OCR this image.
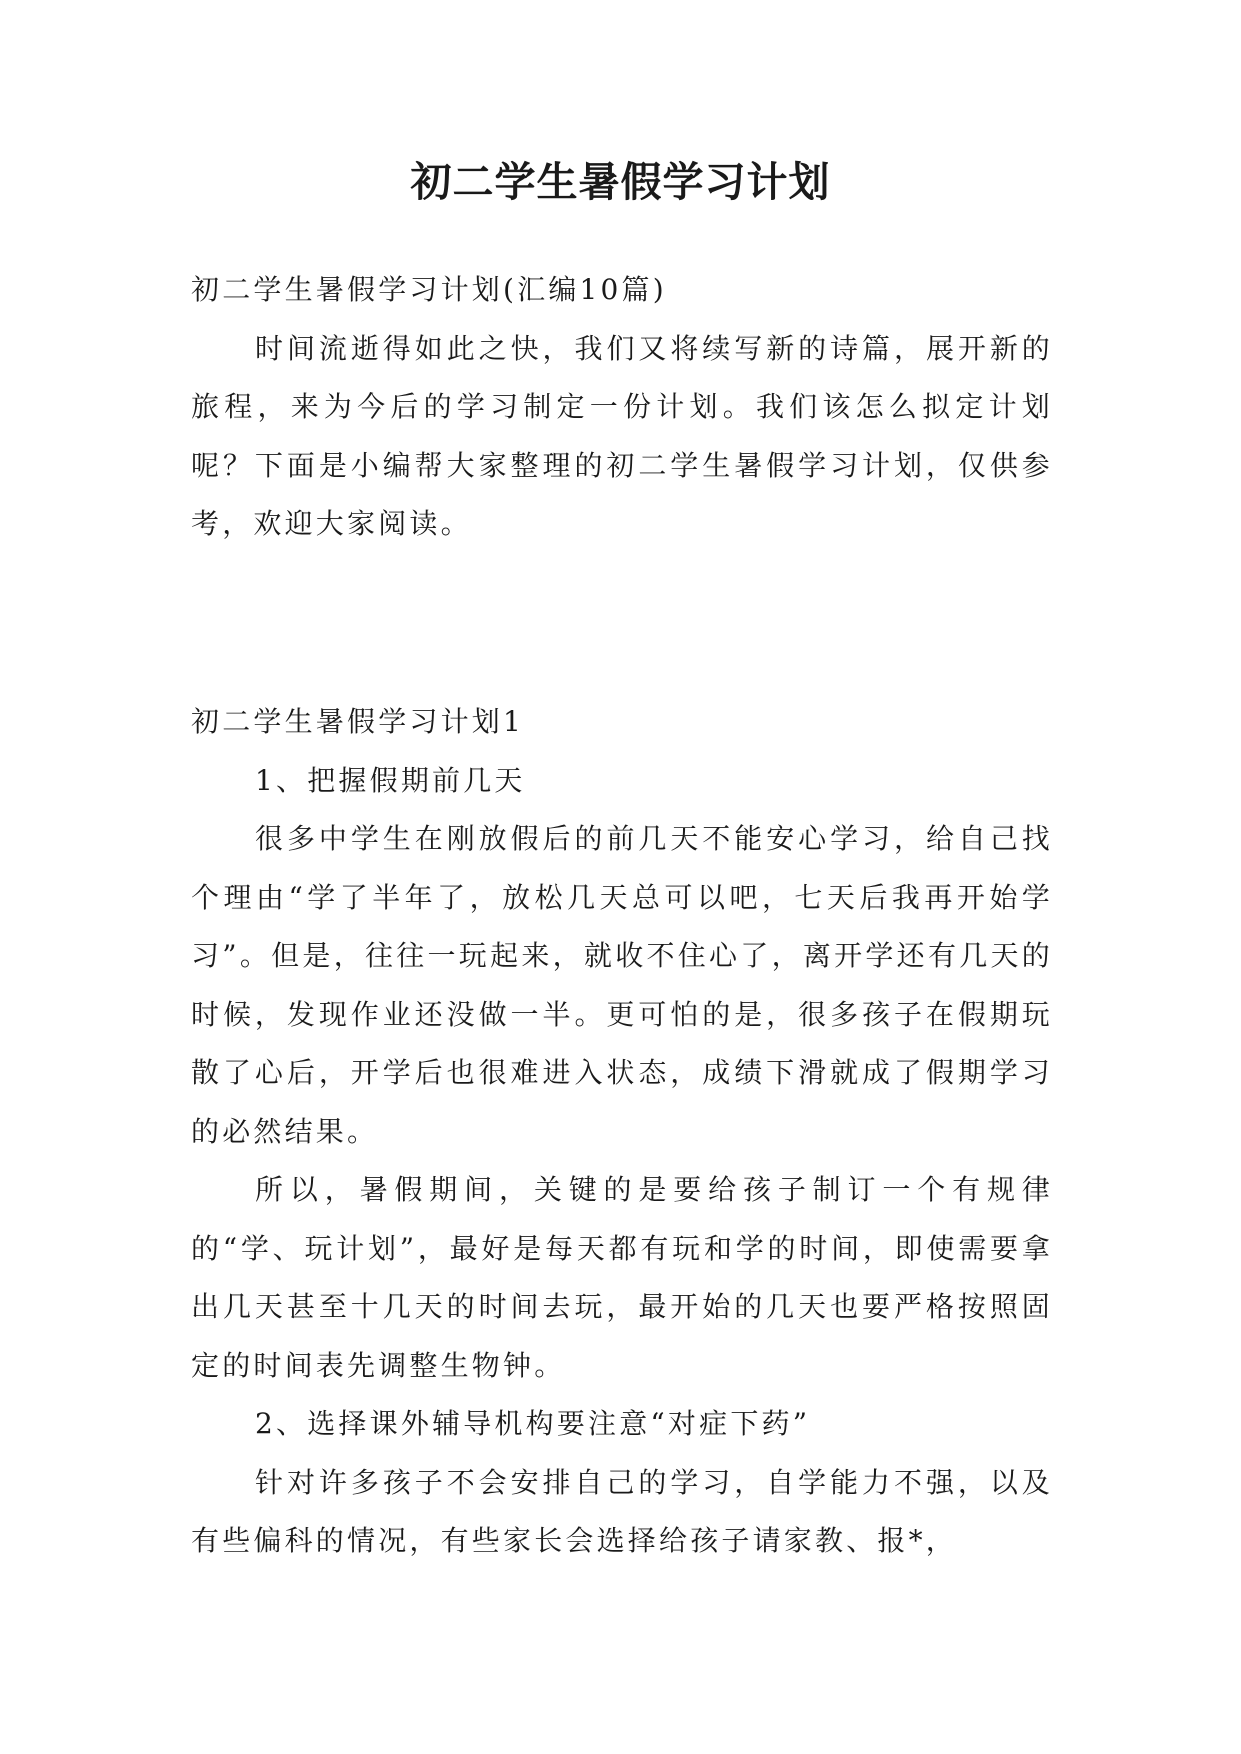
初二学生暑假学习计划

初二学生暑假学习计划(汇编10篇)

时间流逝得如此之快，我们又将续写新的诗篇，展开新的旅程，来为今后的学习制定一份计划。我们该怎么拟定计划呢？下面是小编帮大家整理的初二学生暑假学习计划，仅供参考，欢迎大家阅读。

初二学生暑假学习计划1

1、把握假期前几天

很多中学生在刚放假后的前几天不能安心学习，给自己找个理由“学了半年了，放松几天总可以吧，七天后我再开始学习”。但是，往往一玩起来，就收不住心了，离开学还有几天的时候，发现作业还没做一半。更可怕的是，很多孩子在假期玩散了心后，开学后也很难进入状态，成绩下滑就成了假期学习的必然结果。

所以，暑假期间，关键的是要给孩子制订一个有规律的“学、玩计划”，最好是每天都有玩和学的时间，即使需要拿出几天甚至十几天的时间去玩，最开始的几天也要严格按照固定的时间表先调整生物钟。

2、选择课外辅导机构要注意“对症下药”

针对许多孩子不会安排自己的学习，自学能力不强，以及有些偏科的情况，有些家长会选择给孩子请家教、报*，
